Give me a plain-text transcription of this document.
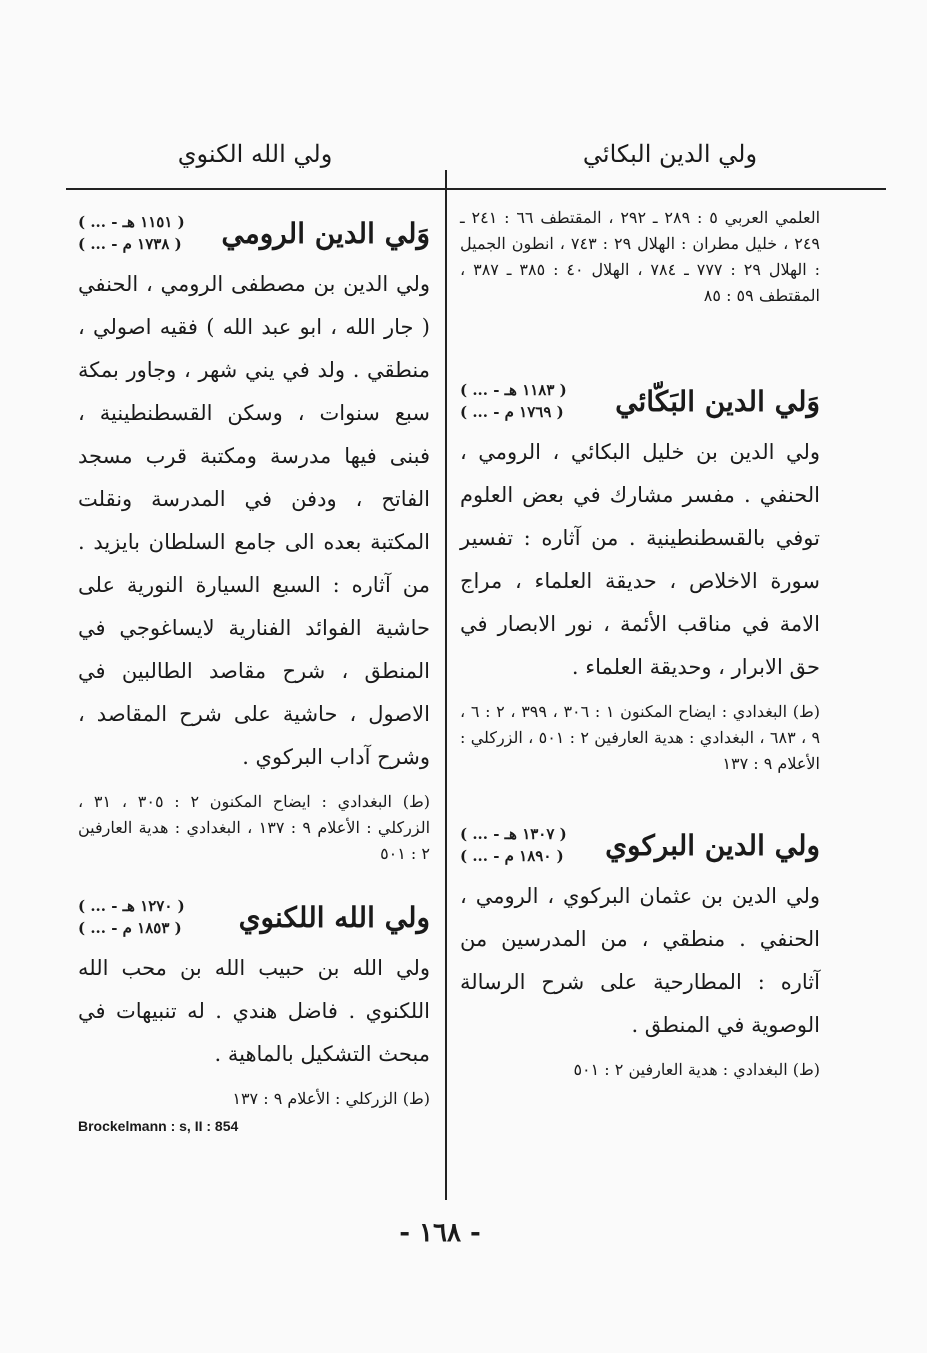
ولي الدين البكائي
ولي الله الكنوي
العلمي العربي ٥ : ٢٨٩ ـ ٢٩٢ ، المقتطف ٦٦ : ٢٤١ ـ ٢٤٩ ، خليل مطران : الهلال ٢٩ : ٧٤٣ ، انطون الجميل : الهلال ٢٩ : ٧٧٧ ـ ٧٨٤ ، الهلال ٤٠ : ٣٨٥ ـ ٣٨٧ ، المقتطف ٥٩ : ٨٥
وَلي الدين البَكّائي
( ... - ١١٨٣ هـ )
( ... - ١٧٦٩ م )
ولي الدين بن خليل البكائي ، الرومي ، الحنفي . مفسر مشارك في بعض العلوم توفي بالقسطنطينية . من آثاره : تفسير سورة الاخلاص ، حديقة العلماء ، مراج الامة في مناقب الأئمة ، نور الابصار في حق الابرار ، وحديقة العلماء .
(ط) البغدادي : ايضاح المكنون ١ : ٣٠٦ ، ٣٩٩ ، ٢ : ٦ ، ٩ ، ٦٨٣ ، البغدادي : هدية العارفين ٢ : ٥٠١ ، الزركلي : الأعلام ٩ : ١٣٧
ولي الدين البركوي
( ... - ١٣٠٧ هـ )
( ... - ١٨٩٠ م )
ولي الدين بن عثمان البركوي ، الرومي ، الحنفي . منطقي ، من المدرسين من آثاره : المطارحية على شرح الرسالة الوصوية في المنطق .
(ط) البغدادي : هدية العارفين ٢ : ٥٠١
وَلي الدين الرومي
( ... - ١١٥١ هـ )
( ... - ١٧٣٨ م )
ولي الدين بن مصطفى الرومي ، الحنفي ( جار الله ، ابو عبد الله ) فقيه اصولي ، منطقي . ولد في يني شهر ، وجاور بمكة سبع سنوات ، وسكن القسطنطينية ، فبنى فيها مدرسة ومكتبة قرب مسجد الفاتح ، ودفن في المدرسة ونقلت المكتبة بعده الى جامع السلطان بايزيد . من آثاره : السبع السيارة النورية على حاشية الفوائد الفنارية لايساغوجي في المنطق ، شرح مقاصد الطالبين في الاصول ، حاشية على شرح المقاصد ، وشرح آداب البركوي .
(ط) البغدادي : ايضاح المكنون ٢ : ٣٠٥ ، ٣١ ، الزركلي : الأعلام ٩ : ١٣٧ ، البغدادي : هدية العارفين ٢ : ٥٠١
ولي الله اللكنوي
( ... - ١٢٧٠ هـ )
( ... - ١٨٥٣ م )
ولي الله بن حبيب الله بن محب الله اللكنوي . فاضل هندي . له تنبيهات في مبحث التشكيل بالماهية .
(ط) الزركلي : الأعلام ٩ : ١٣٧
Brockelmann : s, II : 854
- ١٦٨ -
